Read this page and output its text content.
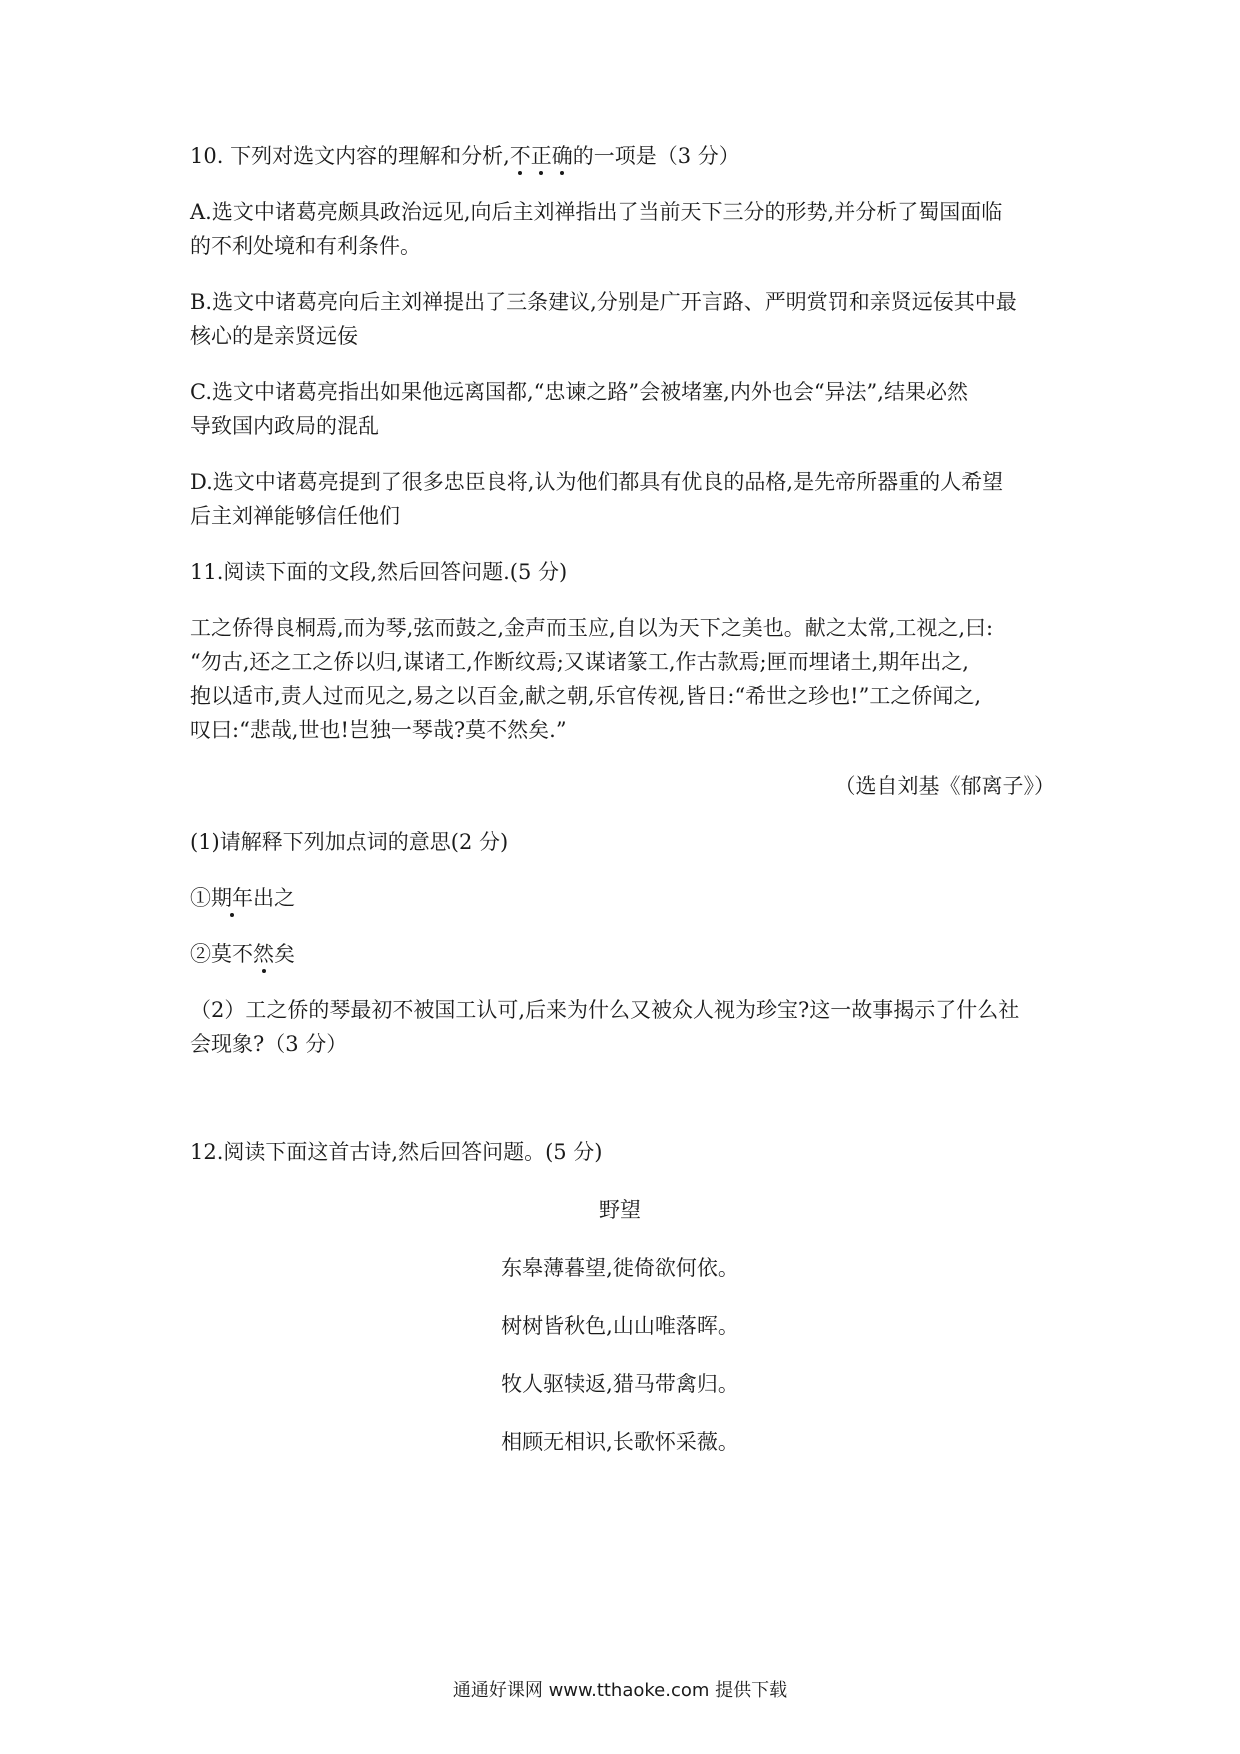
10. 下列对选文内容的理解和分析,不正确的一项是（3 分）
A.选文中诸葛亮颇具政治远见,向后主刘禅指出了当前天下三分的形势,并分析了蜀国面临
的不利处境和有利条件。
B.选文中诸葛亮向后主刘禅提出了三条建议,分别是广开言路、严明赏罚和亲贤远佞其中最
核心的是亲贤远佞
C.选文中诸葛亮指出如果他远离国都,“忠谏之路”会被堵塞,内外也会“异法”,结果必然
导致国内政局的混乱
D.选文中诸葛亮提到了很多忠臣良将,认为他们都具有优良的品格,是先帝所器重的人希望
后主刘禅能够信任他们
11.阅读下面的文段,然后回答问题.(5 分)
工之侨得良桐焉,而为琴,弦而鼓之,金声而玉应,自以为天下之美也。献之太常,工视之,曰:
“勿古,还之工之侨以归,谋诸工,作断纹焉;又谋诸篆工,作古款焉;匣而埋诸土,期年出之,
抱以适市,责人过而见之,易之以百金,献之朝,乐官传视,皆日:“希世之珍也!”工之侨闻之,
叹曰:“悲哉,世也!岂独一琴哉?莫不然矣.”
（选自刘基《郁离子》）
(1)请解释下列加点词的意思(2 分)
①期年出之
②莫不然矣
（2）工之侨的琴最初不被国工认可,后来为什么又被众人视为珍宝?这一故事揭示了什么社
会现象?（3 分）
12.阅读下面这首古诗,然后回答问题。(5 分)
野望
东皋薄暮望,徙倚欲何依。
树树皆秋色,山山唯落晖。
牧人驱犊返,猎马带禽归。
相顾无相识,长歌怀采薇。
通通好课网 www.tthaoke.com 提供下载
